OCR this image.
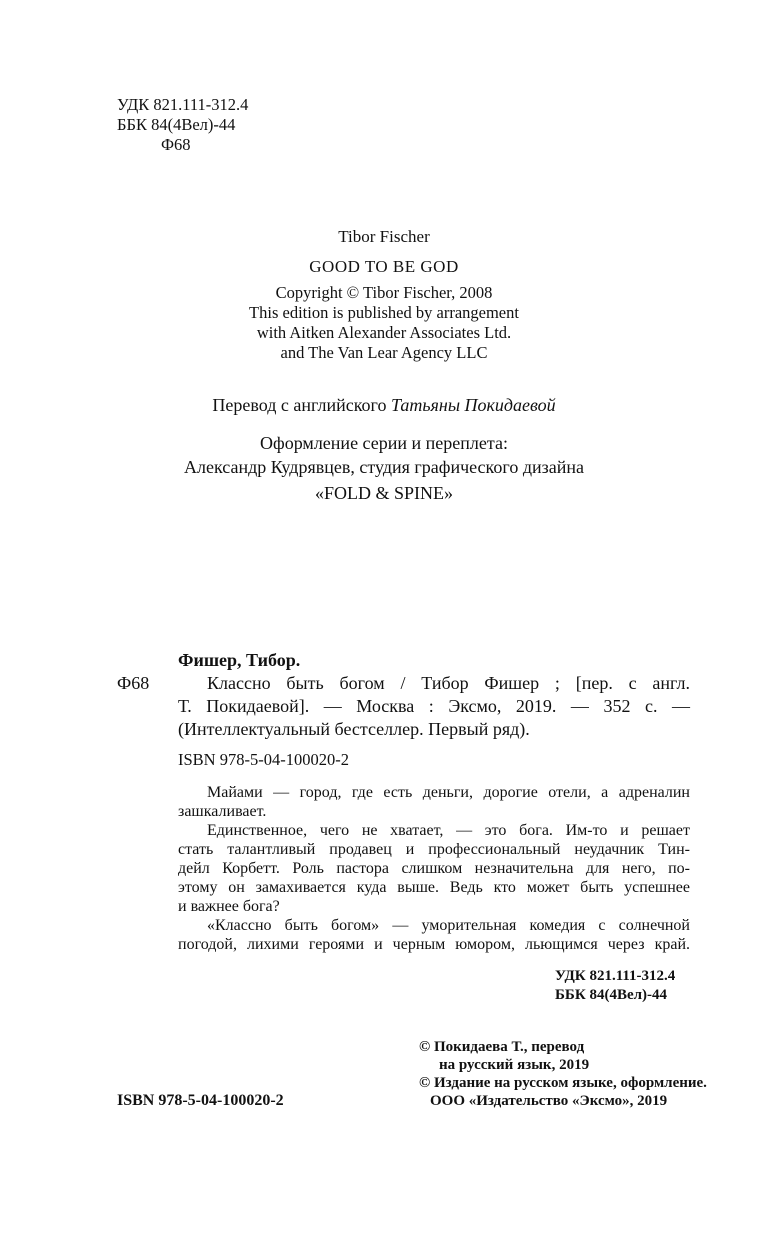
УДК 821.111-312.4
ББК 84(4Вел)-44
Ф68
Tibor Fischer
GOOD TO BE GOD
Copyright © Tibor Fischer, 2008
This edition is published by arrangement
with Aitken Alexander Associates Ltd.
and The Van Lear Agency LLC
Перевод с английского Татьяны Покидаевой
Оформление серии и переплета:
Александр Кудрявцев, студия графического дизайна
«FOLD & SPINE»
Фишер, Тибор.
Ф68	Классно быть богом / Тибор Фишер ; [пер. с англ.
Т. Покидаевой]. — Москва : Эксмо, 2019. — 352 с. —
(Интеллектуальный бестселлер. Первый ряд).
ISBN 978-5-04-100020-2
Майами — город, где есть деньги, дорогие отели, а адреналин
зашкаливает.
Единственное, чего не хватает, — это бога. Им-то и решает
стать талантливый продавец и профессиональный неудачник Тин-
дейл Корбетт. Роль пастора слишком незначительна для него, по-
этому он замахивается куда выше. Ведь кто может быть успешнее
и важнее бога?
«Классно быть богом» — уморительная комедия с солнечной
погодой, лихими героями и черным юмором, льющимся через край.
УДК 821.111-312.4
ББК 84(4Вел)-44
© Покидаева Т., перевод
на русский язык, 2019
© Издание на русском языке, оформление.
ООО «Издательство «Эксмо», 2019
ISBN 978-5-04-100020-2
